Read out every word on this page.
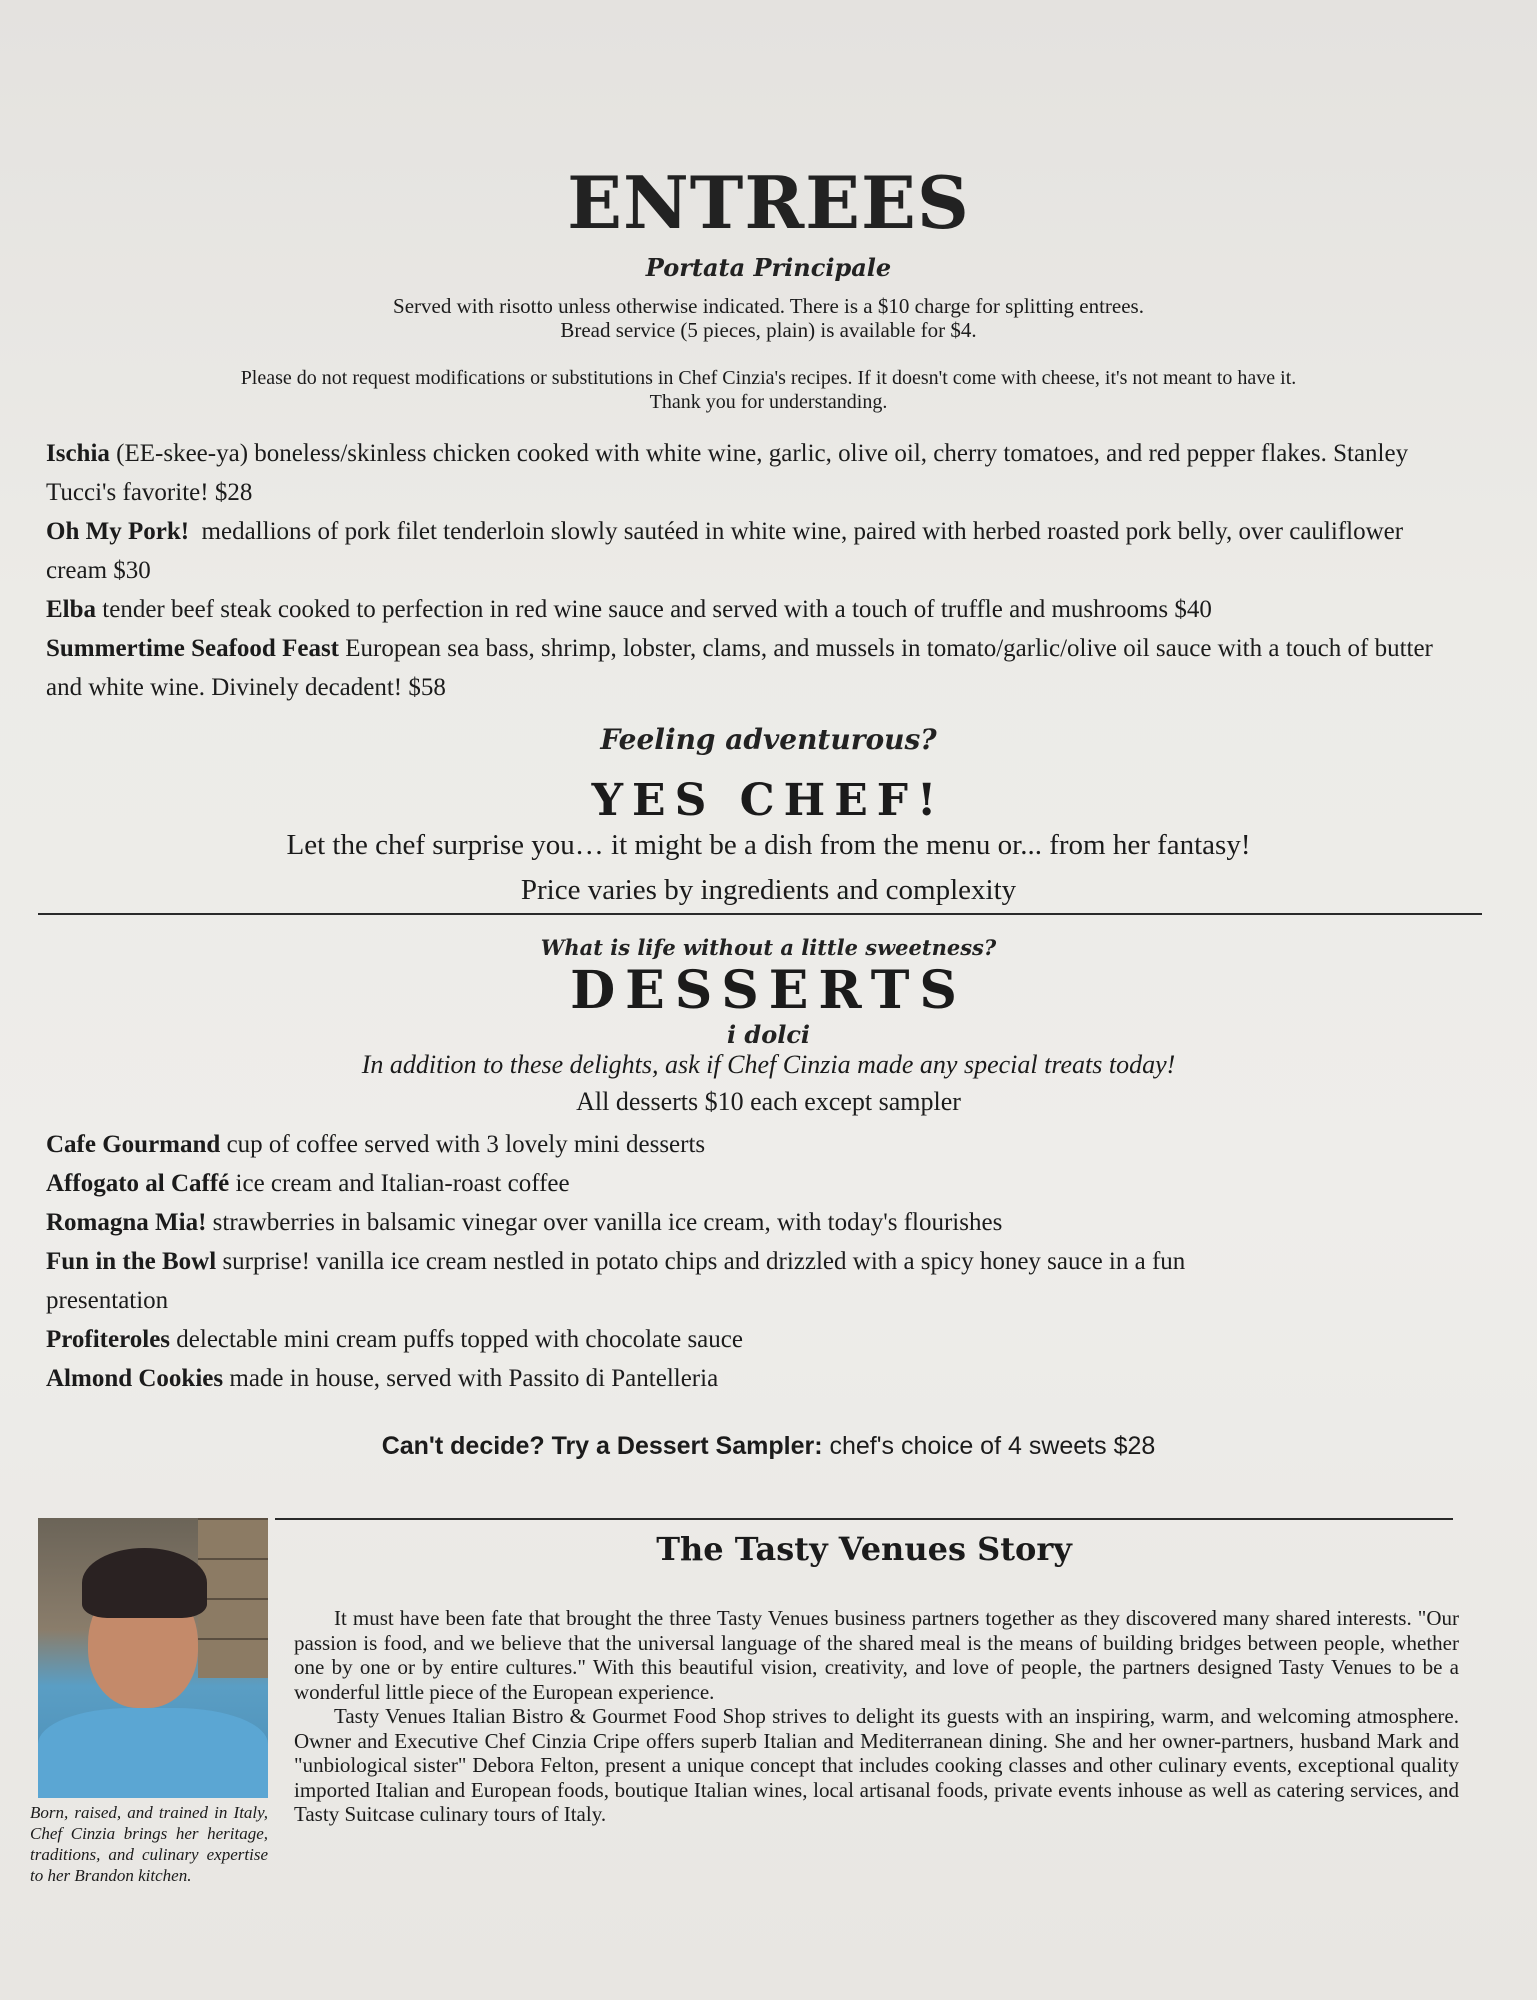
ENTREES
Portata Principale
Served with risotto unless otherwise indicated. There is a $10 charge for splitting entrees.
Bread service (5 pieces, plain) is available for $4.
Please do not request modifications or substitutions in Chef Cinzia's recipes. If it doesn't come with cheese, it's not meant to have it.
Thank you for understanding.
Ischia (EE-skee-ya) boneless/skinless chicken cooked with white wine, garlic, olive oil, cherry tomatoes, and red pepper flakes. Stanley Tucci's favorite! $28
Oh My Pork!  medallions of pork filet tenderloin slowly sautéed in white wine, paired with herbed roasted pork belly, over cauliflower cream $30
Elba tender beef steak cooked to perfection in red wine sauce and served with a touch of truffle and mushrooms $40
Summertime Seafood Feast European sea bass, shrimp, lobster, clams, and mussels in tomato/garlic/olive oil sauce with a touch of butter and white wine. Divinely decadent! $58
Feeling adventurous?
YES CHEF!
Let the chef surprise you… it might be a dish from the menu or... from her fantasy!
Price varies by ingredients and complexity
What is life without a little sweetness?
DESSERTS
i dolci
In addition to these delights, ask if Chef Cinzia made any special treats today!
All desserts $10 each except sampler
Cafe Gourmand cup of coffee served with 3 lovely mini desserts
Affogato al Caffé ice cream and Italian-roast coffee
Romagna Mia! strawberries in balsamic vinegar over vanilla ice cream, with today's flourishes
Fun in the Bowl surprise! vanilla ice cream nestled in potato chips and drizzled with a spicy honey sauce in a fun presentation
Profiteroles delectable mini cream puffs topped with chocolate sauce
Almond Cookies made in house, served with Passito di Pantelleria
Can't decide? Try a Dessert Sampler: chef's choice of 4 sweets $28
Born, raised, and trained in Italy, Chef Cinzia brings her heritage, traditions, and culinary expertise to her Brandon kitchen.
The Tasty Venues Story

It must have been fate that brought the three Tasty Venues business partners together as they discovered many shared interests. "Our passion is food, and we believe that the universal language of the shared meal is the means of building bridges between people, whether one by one or by entire cultures." With this beautiful vision, creativity, and love of people, the partners designed Tasty Venues to be a wonderful little piece of the European experience.

Tasty Venues Italian Bistro & Gourmet Food Shop strives to delight its guests with an inspiring, warm, and welcoming atmosphere. Owner and Executive Chef Cinzia Cripe offers superb Italian and Mediterranean dining. She and her owner-partners, husband Mark and "unbiological sister" Debora Felton, present a unique concept that includes cooking classes and other culinary events, exceptional quality imported Italian and European foods, boutique Italian wines, local artisanal foods, private events inhouse as well as catering services, and Tasty Suitcase culinary tours of Italy.
